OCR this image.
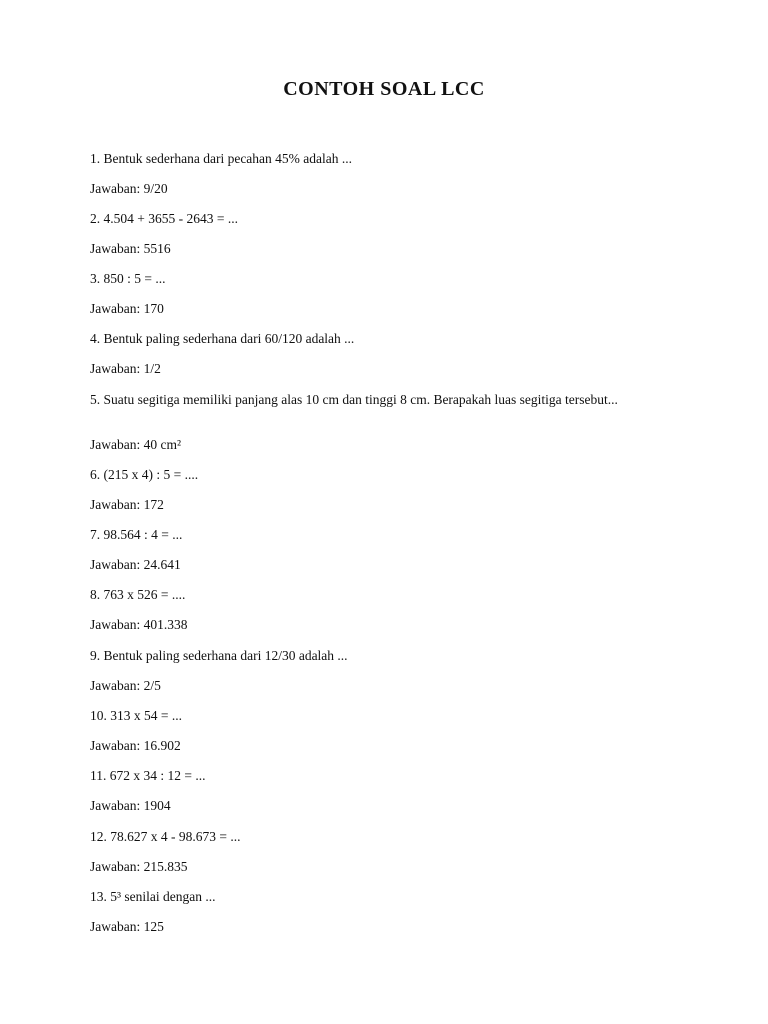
CONTOH SOAL LCC
1. Bentuk sederhana dari pecahan 45% adalah ...
Jawaban: 9/20
2. 4.504 + 3655 - 2643 = ...
Jawaban: 5516
3. 850 : 5 = ...
Jawaban: 170
4. Bentuk paling sederhana dari 60/120 adalah ...
Jawaban: 1/2
5. Suatu segitiga memiliki panjang alas 10 cm dan tinggi 8 cm. Berapakah luas segitiga tersebut...
Jawaban: 40 cm²
6. (215 x 4) : 5 = ....
Jawaban: 172
7. 98.564 : 4 = ...
Jawaban: 24.641
8. 763 x 526 = ....
Jawaban: 401.338
9. Bentuk paling sederhana dari 12/30 adalah ...
Jawaban: 2/5
10. 313 x 54 = ...
Jawaban: 16.902
11. 672 x 34 : 12 = ...
Jawaban: 1904
12. 78.627 x 4 - 98.673 = ...
Jawaban: 215.835
13. 5³ senilai dengan ...
Jawaban: 125
